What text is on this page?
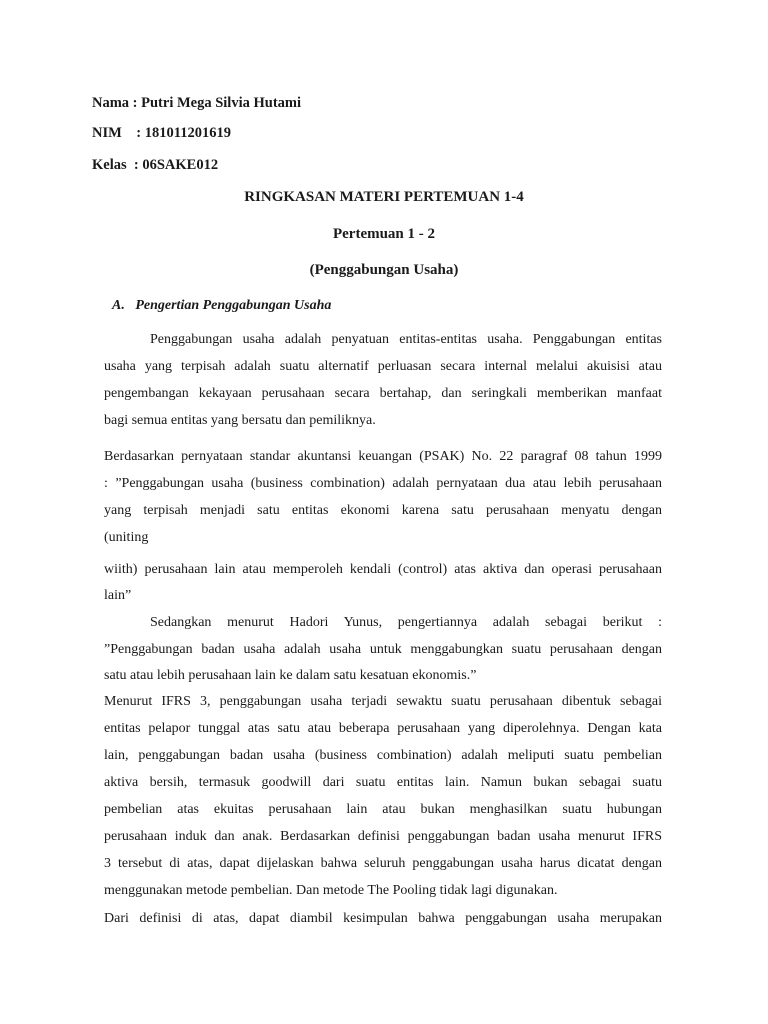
Nama : Putri Mega Silvia Hutami

NIM    : 181011201619

Kelas  : 06SAKE012

RINGKASAN MATERI PERTEMUAN 1-4

Pertemuan 1 - 2

(Penggabungan Usaha)

A.   Pengertian Penggabungan Usaha

Penggabungan usaha adalah penyatuan entitas-entitas usaha. Penggabungan entitas

usaha yang terpisah adalah suatu alternatif perluasan secara internal melalui akuisisi atau

pengembangan kekayaan perusahaan secara bertahap, dan seringkali memberikan manfaat

bagi semua entitas yang bersatu dan pemiliknya.

Berdasarkan pernyataan standar akuntansi keuangan (PSAK) No. 22 paragraf 08 tahun 1999

: ”Penggabungan usaha (business combination) adalah pernyataan dua atau lebih perusahaan

yang terpisah menjadi satu entitas ekonomi karena satu perusahaan menyatu dengan

(uniting

wiith) perusahaan lain atau memperoleh kendali (control) atas aktiva dan operasi perusahaan

lain”

Sedangkan menurut Hadori Yunus, pengertiannya adalah sebagai berikut :

”Penggabungan badan usaha adalah usaha untuk menggabungkan suatu perusahaan dengan

satu atau lebih perusahaan lain ke dalam satu kesatuan ekonomis.”

Menurut IFRS 3, penggabungan usaha terjadi sewaktu suatu perusahaan dibentuk sebagai

entitas pelapor tunggal atas satu atau beberapa perusahaan yang diperolehnya. Dengan kata

lain, penggabungan badan usaha (business combination) adalah meliputi suatu pembelian

aktiva bersih, termasuk goodwill dari suatu entitas lain. Namun bukan sebagai suatu

pembelian atas ekuitas perusahaan lain atau bukan menghasilkan suatu hubungan

perusahaan induk dan anak. Berdasarkan definisi penggabungan badan usaha menurut IFRS

3 tersebut di atas, dapat dijelaskan bahwa seluruh penggabungan usaha harus dicatat dengan

menggunakan metode pembelian. Dan metode The Pooling tidak lagi digunakan.

Dari definisi di atas, dapat diambil kesimpulan bahwa penggabungan usaha merupakan
